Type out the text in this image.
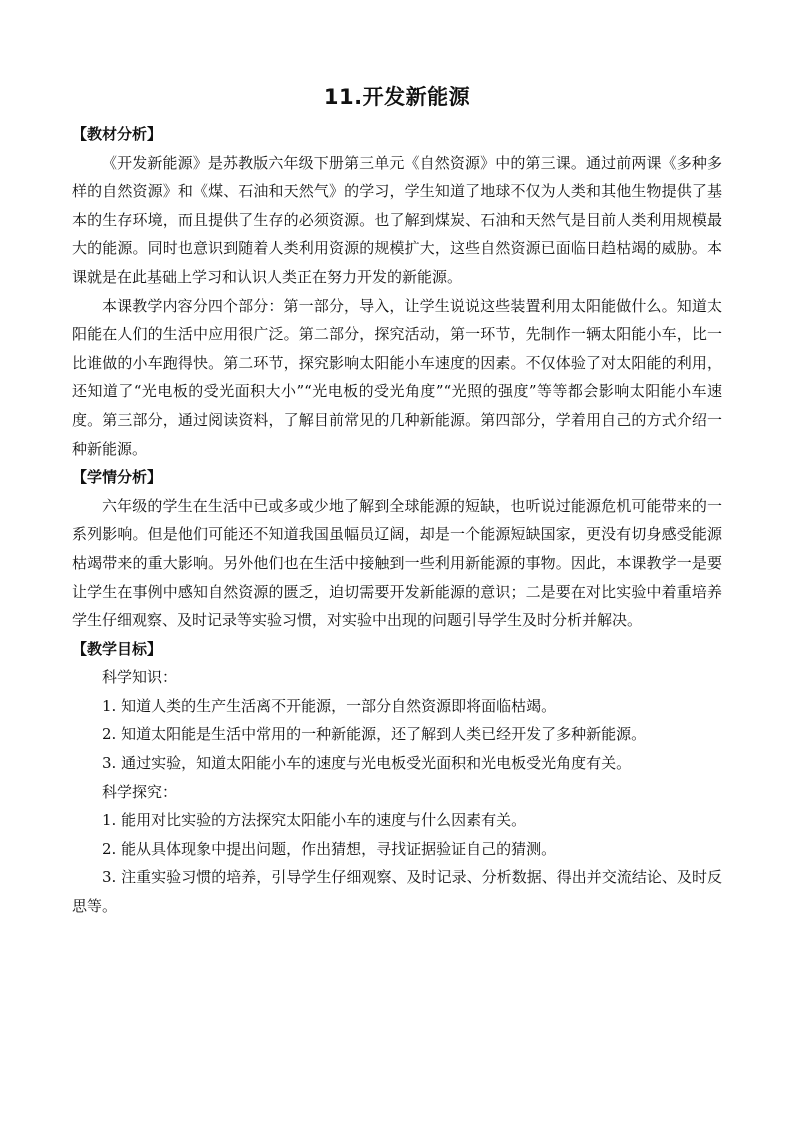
11.开发新能源

【教材分析】

《开发新能源》是苏教版六年级下册第三单元《自然资源》中的第三课。通过前两课《多种多样的自然资源》和《煤、石油和天然气》的学习，学生知道了地球不仅为人类和其他生物提供了基本的生存环境，而且提供了生存的必须资源。也了解到煤炭、石油和天然气是目前人类利用规模最大的能源。同时也意识到随着人类利用资源的规模扩大，这些自然资源已面临日趋枯竭的威胁。本课就是在此基础上学习和认识人类正在努力开发的新能源。

本课教学内容分四个部分：第一部分，导入，让学生说说这些装置利用太阳能做什么。知道太阳能在人们的生活中应用很广泛。第二部分，探究活动，第一环节，先制作一辆太阳能小车，比一比谁做的小车跑得快。第二环节，探究影响太阳能小车速度的因素。不仅体验了对太阳能的利用，还知道了“光电板的受光面积大小”“光电板的受光角度”“光照的强度”等等都会影响太阳能小车速度。第三部分，通过阅读资料，了解目前常见的几种新能源。第四部分，学着用自己的方式介绍一种新能源。

【学情分析】

六年级的学生在生活中已或多或少地了解到全球能源的短缺，也听说过能源危机可能带来的一系列影响。但是他们可能还不知道我国虽幅员辽阔，却是一个能源短缺国家，更没有切身感受能源枯竭带来的重大影响。另外他们也在生活中接触到一些利用新能源的事物。因此，本课教学一是要让学生在事例中感知自然资源的匮乏，迫切需要开发新能源的意识；二是要在对比实验中着重培养学生仔细观察、及时记录等实验习惯，对实验中出现的问题引导学生及时分析并解决。

【教学目标】

科学知识：

1. 知道人类的生产生活离不开能源，一部分自然资源即将面临枯竭。

2. 知道太阳能是生活中常用的一种新能源，还了解到人类已经开发了多种新能源。

3. 通过实验，知道太阳能小车的速度与光电板受光面积和光电板受光角度有关。

科学探究：

1. 能用对比实验的方法探究太阳能小车的速度与什么因素有关。

2. 能从具体现象中提出问题，作出猜想，寻找证据验证自己的猜测。

3. 注重实验习惯的培养，引导学生仔细观察、及时记录、分析数据、得出并交流结论、及时反思等。
